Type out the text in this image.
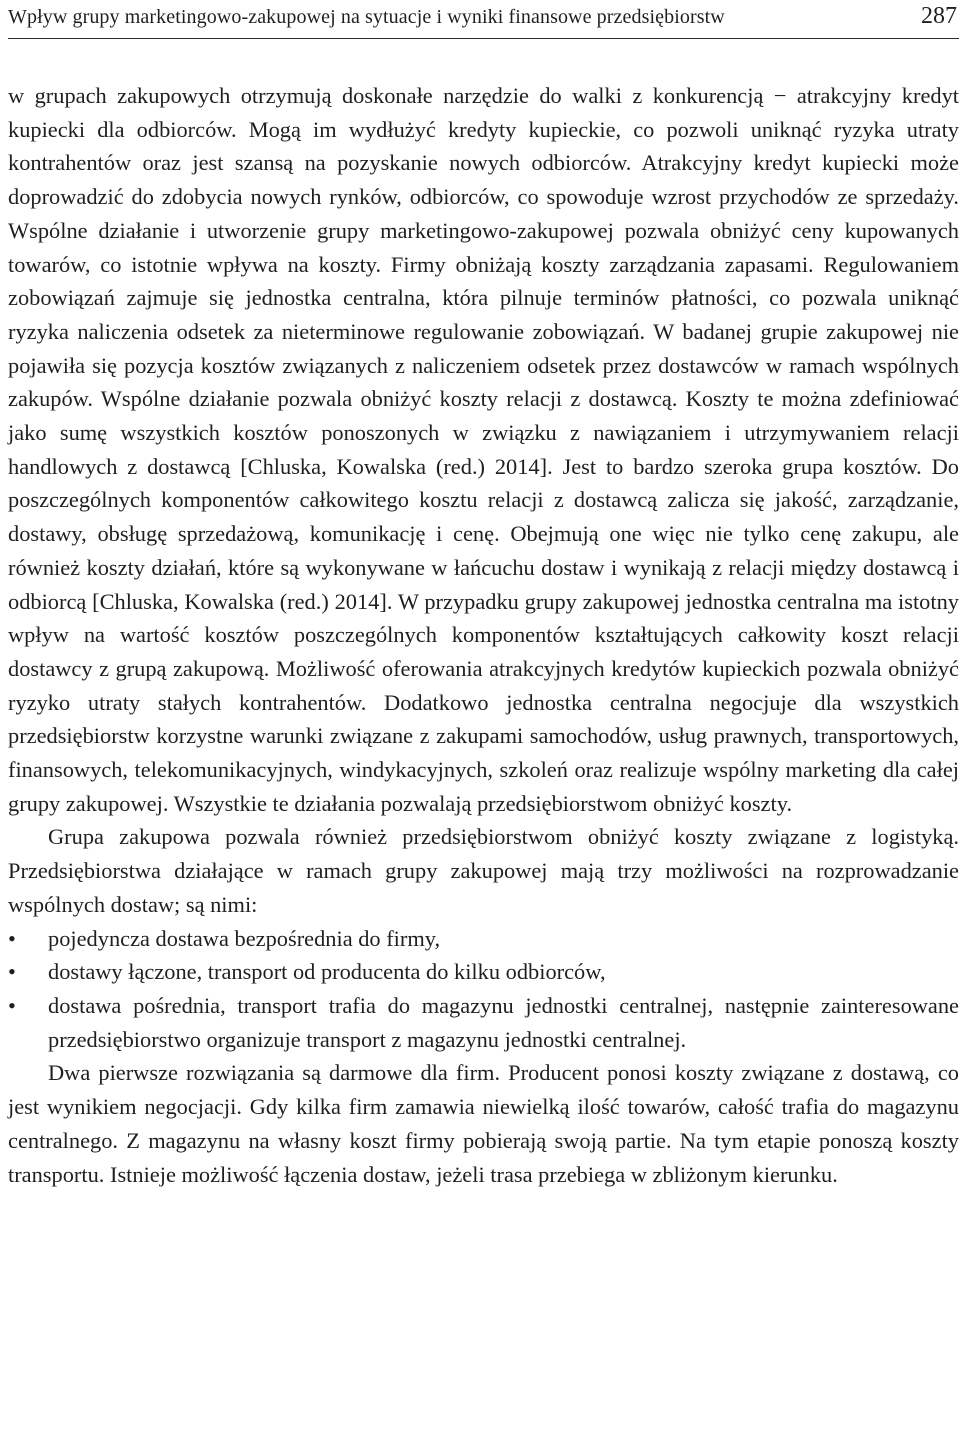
Wpływ grupy marketingowo-zakupowej na sytuacje i wyniki finansowe przedsiębiorstw	287

w grupach zakupowych otrzymują doskonałe narzędzie do walki z konkurencją − atrakcyjny kredyt kupiecki dla odbiorców. Mogą im wydłużyć kredyty kupieckie, co pozwoli uniknąć ryzyka utraty kontrahentów oraz jest szansą na pozyskanie nowych odbiorców. Atrakcyjny kredyt kupiecki może doprowadzić do zdobycia nowych rynków, odbiorców, co spowoduje wzrost przychodów ze sprzedaży. Wspólne działanie i utworzenie grupy marketingowo-zakupowej pozwala obniżyć ceny kupowanych towarów, co istotnie wpływa na koszty. Firmy obniżają koszty zarządzania zapasami. Regulowaniem zobowiązań zajmuje się jednostka centralna, która pilnuje terminów płatności, co pozwala uniknąć ryzyka naliczenia odsetek za nieterminowe regulowanie zobowiązań. W badanej grupie zakupowej nie pojawiła się pozycja kosztów związanych z naliczeniem odsetek przez dostawców w ramach wspólnych zakupów. Wspólne działanie pozwala obniżyć koszty relacji z dostawcą. Koszty te można zdefiniować jako sumę wszystkich kosztów ponoszonych w związku z nawiązaniem i utrzymywaniem relacji handlowych z dostawcą [Chluska, Kowalska (red.) 2014]. Jest to bardzo szeroka grupa kosztów. Do poszczególnych komponentów całkowitego kosztu relacji z dostawcą zalicza się jakość, zarządzanie, dostawy, obsługę sprzedażową, komunikację i cenę. Obejmują one więc nie tylko cenę zakupu, ale również koszty działań, które są wykonywane w łańcuchu dostaw i wynikają z relacji między dostawcą i odbiorcą [Chluska, Kowalska (red.) 2014]. W przypadku grupy zakupowej jednostka centralna ma istotny wpływ na wartość kosztów poszczególnych komponentów kształtujących całkowity koszt relacji dostawcy z grupą zakupową. Możliwość oferowania atrakcyjnych kredytów kupieckich pozwala obniżyć ryzyko utraty stałych kontrahentów. Dodatkowo jednostka centralna negocjuje dla wszystkich przedsiębiorstw korzystne warunki związane z zakupami samochodów, usług prawnych, transportowych, finansowych, telekomunikacyjnych, windykacyjnych, szkoleń oraz realizuje wspólny marketing dla całej grupy zakupowej. Wszystkie te działania pozwalają przedsiębiorstwom obniżyć koszty.

Grupa zakupowa pozwala również przedsiębiorstwom obniżyć koszty związane z logistyką. Przedsiębiorstwa działające w ramach grupy zakupowej mają trzy możliwości na rozprowadzanie wspólnych dostaw; są nimi:

•	pojedyncza dostawa bezpośrednia do firmy,
•	dostawy łączone, transport od producenta do kilku odbiorców,
•	dostawa pośrednia, transport trafia do magazynu jednostki centralnej, następnie zainteresowane przedsiębiorstwo organizuje transport z magazynu jednostki centralnej.

Dwa pierwsze rozwiązania są darmowe dla firm. Producent ponosi koszty związane z dostawą, co jest wynikiem negocjacji. Gdy kilka firm zamawia niewielką ilość towarów, całość trafia do magazynu centralnego. Z magazynu na własny koszt firmy pobierają swoją partie. Na tym etapie ponoszą koszty transportu. Istnieje możliwość łączenia dostaw, jeżeli trasa przebiega w zbliżonym kierunku.
